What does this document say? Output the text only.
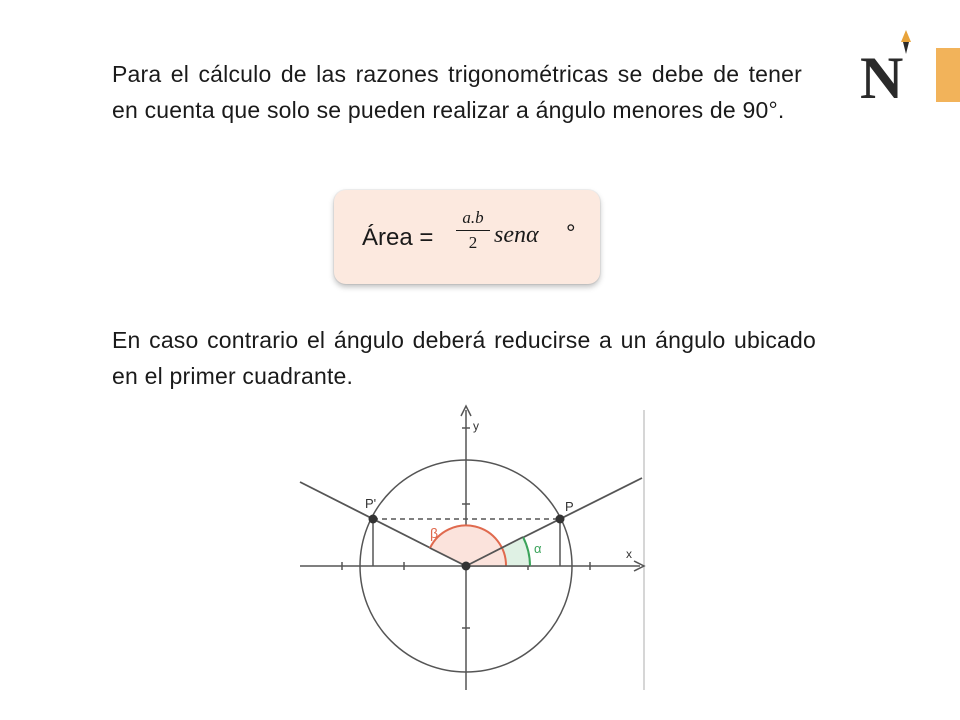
Para el cálculo de las razones trigonométricas se debe de tener en cuenta que solo se pueden realizar a ángulo menores de 90°.
Área =
a.b
2 senα °
En caso contrario el ángulo deberá reducirse a un ángulo ubicado en el primer cuadrante.
N
P'	P
y
x
β
α
